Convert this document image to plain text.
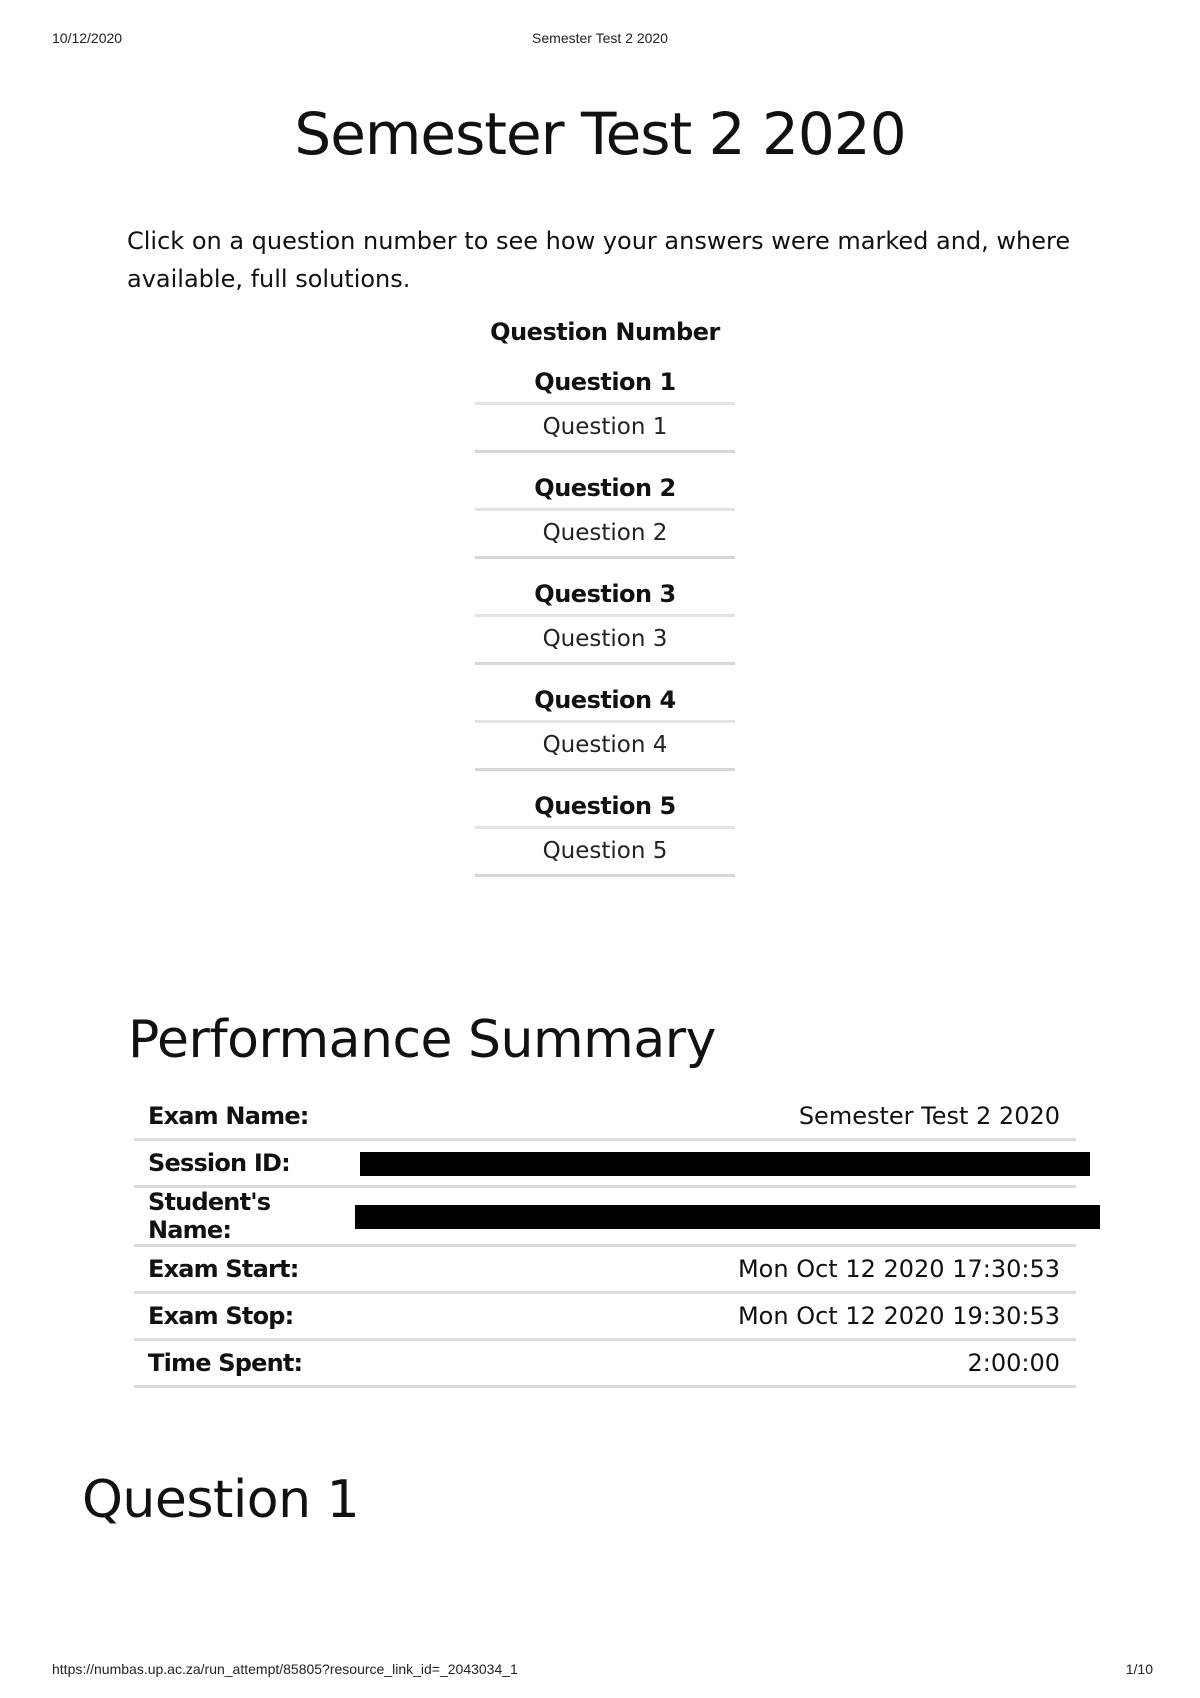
10/12/2020	Semester Test 2 2020
Semester Test 2 2020

Click on a question number to see how your answers were marked and, where available, full solutions.

Question Number
Question 1
Question 1
Question 2
Question 2
Question 3
Question 3
Question 4
Question 4
Question 5
Question 5
Performance Summary
Exam Name:	Semester Test 2 2020
Session ID:	
Student's Name:	
Exam Start:	Mon Oct 12 2020 17:30:53
Exam Stop:	Mon Oct 12 2020 19:30:53
Time Spent:	2:00:00
Question 1
https://numbas.up.ac.za/run_attempt/85805?resource_link_id=_2043034_1	1/10
